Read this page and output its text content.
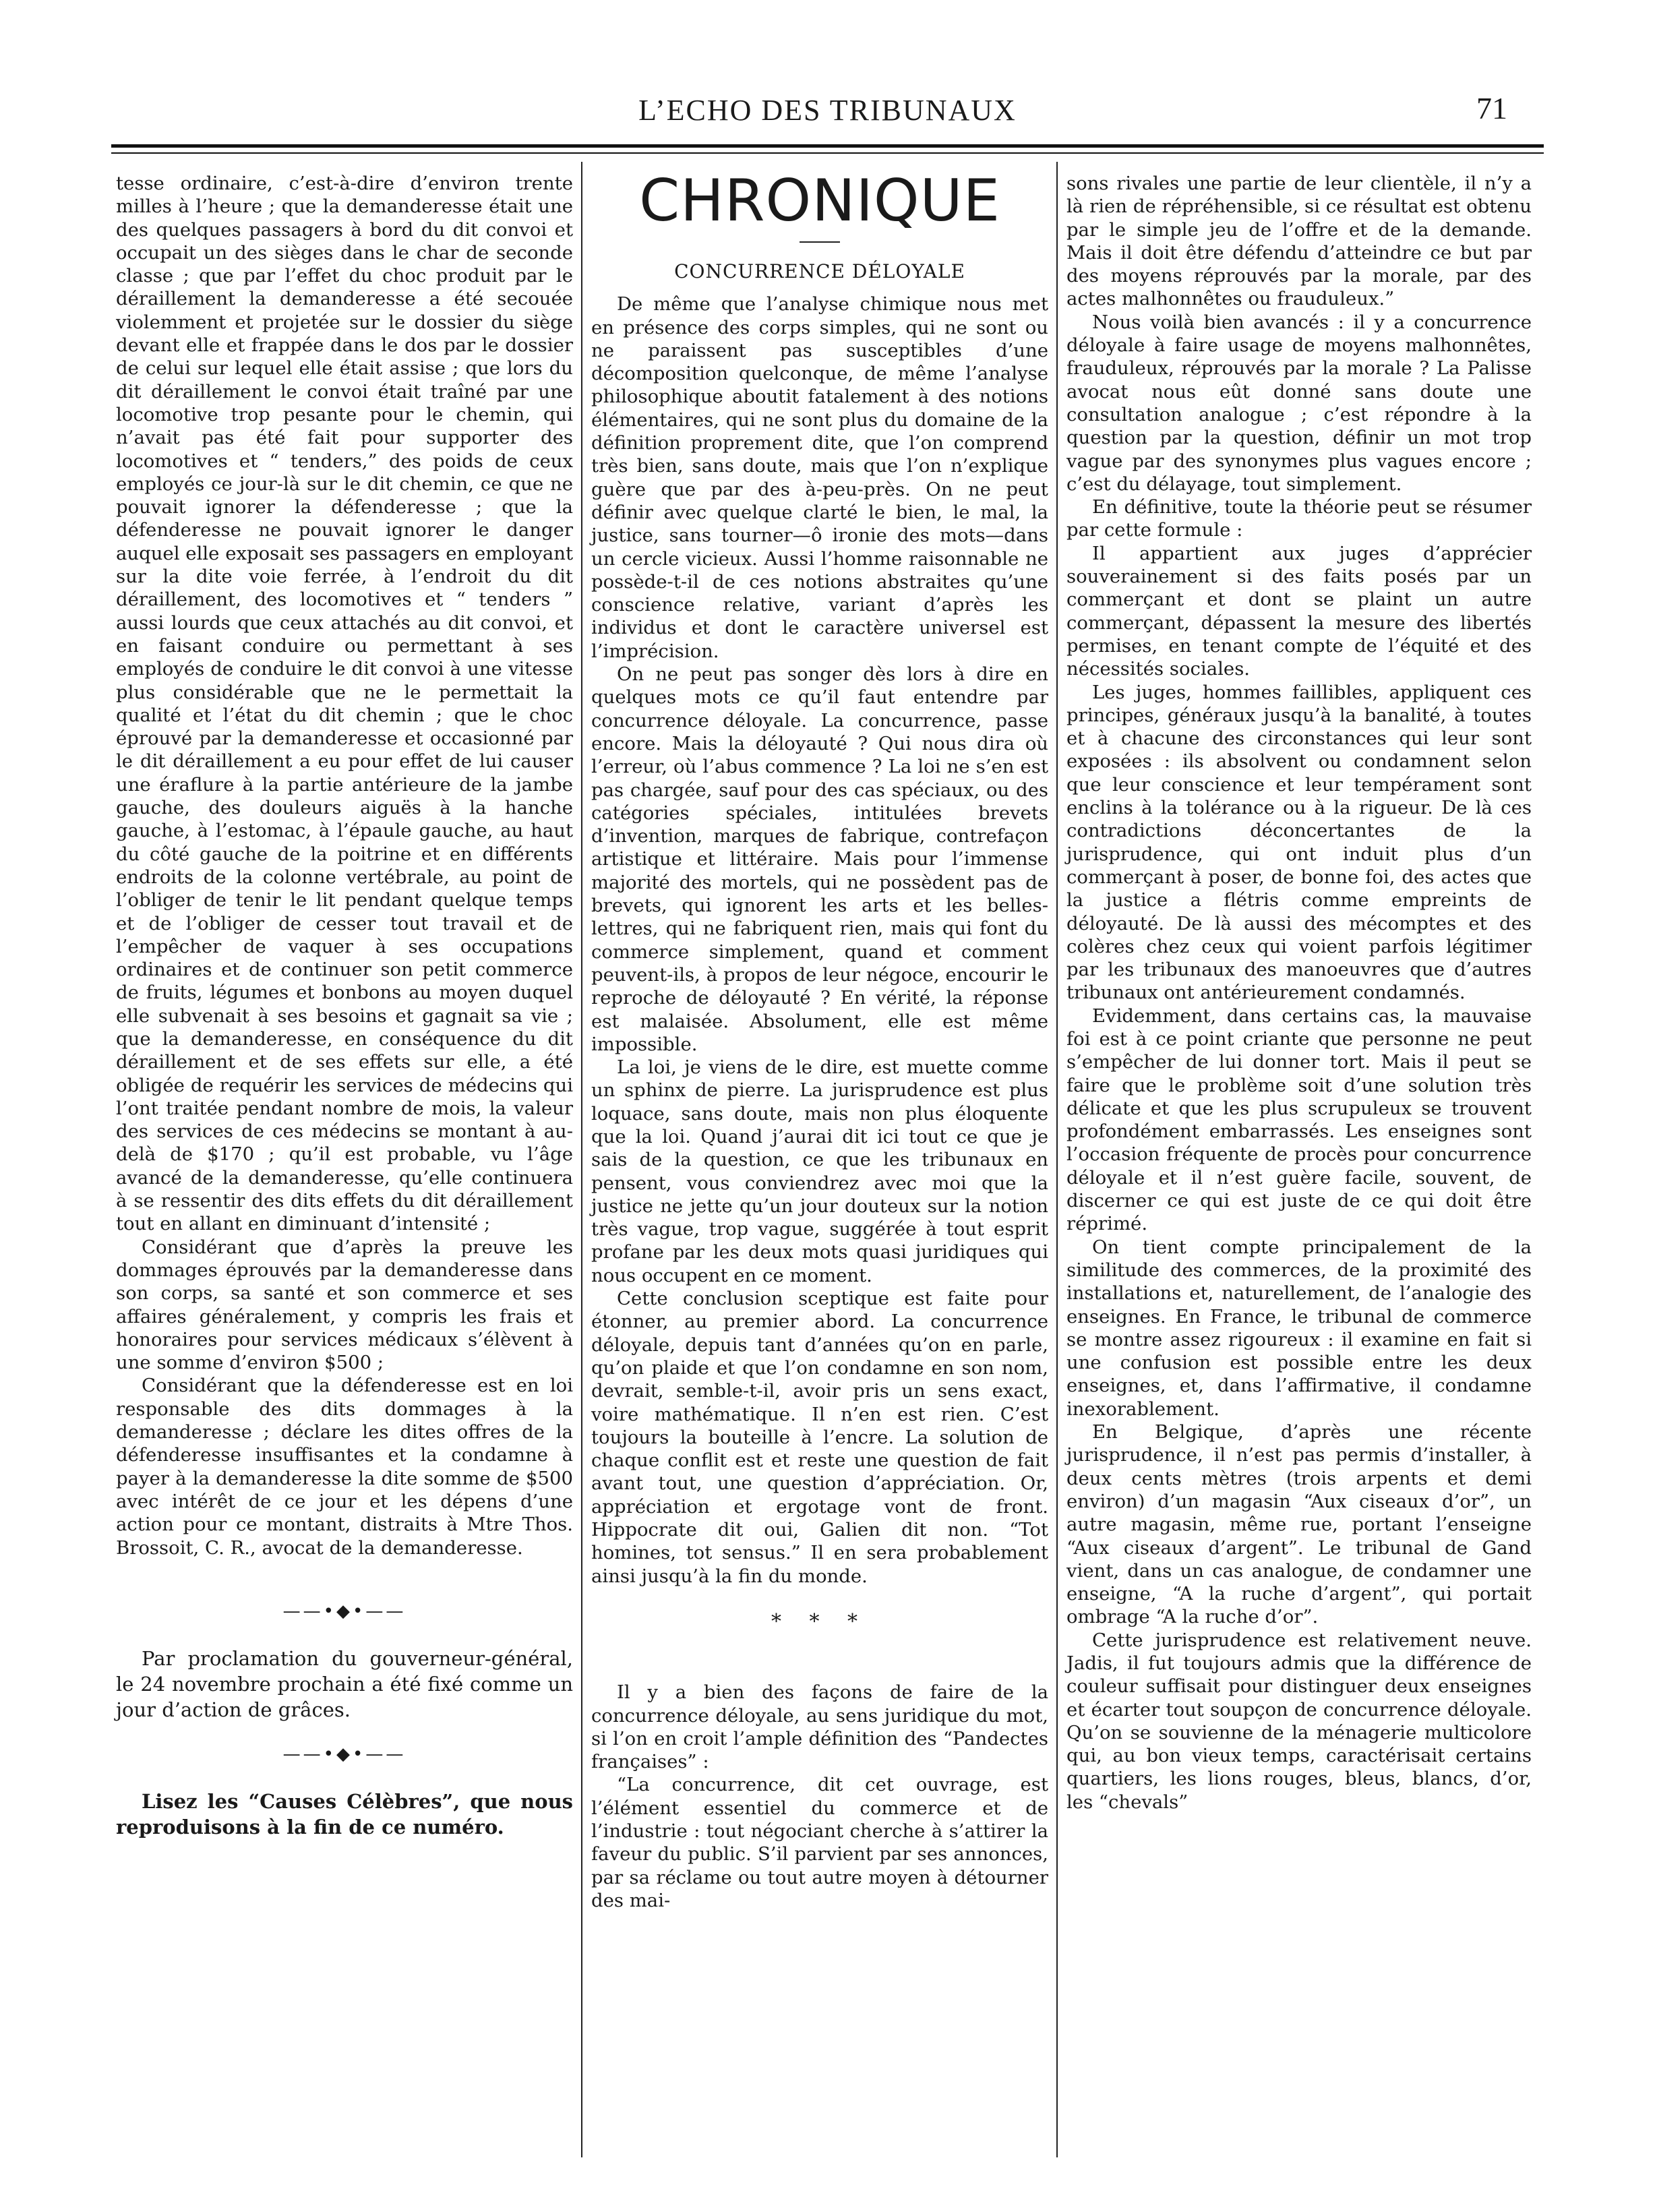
L’ECHO DES TRIBUNAUX	71

tesse ordinaire, c’est-à-dire d’environ trente milles à l’heure ; que la demanderesse était une des quelques passagers à bord du dit convoi et occupait un des sièges dans le char de seconde classe ; que par l’effet du choc produit par le déraillement la demanderesse a été secouée violemment et projetée sur le dossier du siège devant elle et frappée dans le dos par le dossier de celui sur lequel elle était assise ; que lors du dit déraillement le convoi était traîné par une locomotive trop pesante pour le chemin, qui n’avait pas été fait pour supporter des locomotives et “ tenders,” des poids de ceux employés ce jour-là sur le dit chemin, ce que ne pouvait ignorer la défenderesse ; que la défenderesse ne pouvait ignorer le danger auquel elle exposait ses passagers en employant sur la dite voie ferrée, à l’endroit du dit déraillement, des locomotives et “ tenders ” aussi lourds que ceux attachés au dit convoi, et en faisant conduire ou permettant à ses employés de conduire le dit convoi à une vitesse plus considérable que ne le permettait la qualité et l’état du dit chemin ; que le choc éprouvé par la demanderesse et occasionné par le dit déraillement a eu pour effet de lui causer une éraflure à la partie antérieure de la jambe gauche, des douleurs aiguës à la hanche gauche, à l’estomac, à l’épaule gauche, au haut du côté gauche de la poitrine et en différents endroits de la colonne vertébrale, au point de l’obliger de tenir le lit pendant quelque temps et de l’obliger de cesser tout travail et de l’empêcher de vaquer à ses occupations ordinaires et de continuer son petit commerce de fruits, légumes et bonbons au moyen duquel elle subvenait à ses besoins et gagnait sa vie ; que la demanderesse, en conséquence du dit déraillement et de ses effets sur elle, a été obligée de requérir les services de médecins qui l’ont traitée pendant nombre de mois, la valeur des services de ces médecins se montant à au-delà de $170 ; qu’il est probable, vu l’âge avancé de la demanderesse, qu’elle continuera à se ressentir des dits effets du dit déraillement tout en allant en diminuant d’intensité ;

Considérant que d’après la preuve les dommages éprouvés par la demanderesse dans son corps, sa santé et son commerce et ses affaires généralement, y compris les frais et honoraires pour services médicaux s’élèvent à une somme d’environ $500 ;

Considérant que la défenderesse est en loi responsable des dits dommages à la demanderesse ; déclare les dites offres de la défenderesse insuffisantes et la condamne à payer à la demanderesse la dite somme de $500 avec intérêt de ce jour et les dépens d’une action pour ce montant, distraits à Mtre Thos. Brossoit, C. R., avocat de la demanderesse.

——•◆•——

Par proclamation du gouverneur-général, le 24 novembre prochain a été fixé comme un jour d’action de grâces.

——•◆•——

Lisez les “Causes Célèbres”, que nous reproduisons à la fin de ce numéro.

CHRONIQUE
CONCURRENCE DÉLOYALE

De même que l’analyse chimique nous met en présence des corps simples, qui ne sont ou ne paraissent pas susceptibles d’une décomposition quelconque, de même l’analyse philosophique aboutit fatalement à des notions élémentaires, qui ne sont plus du domaine de la définition proprement dite, que l’on comprend très bien, sans doute, mais que l’on n’explique guère que par des à-peu-près. On ne peut définir avec quelque clarté le bien, le mal, la justice, sans tourner—ô ironie des mots—dans un cercle vicieux. Aussi l’homme raisonnable ne possède-t-il de ces notions abstraites qu’une conscience relative, variant d’après les individus et dont le caractère universel est l’imprécision.

On ne peut pas songer dès lors à dire en quelques mots ce qu’il faut entendre par concurrence déloyale. La concurrence, passe encore. Mais la déloyauté ? Qui nous dira où l’erreur, où l’abus commence ? La loi ne s’en est pas chargée, sauf pour des cas spéciaux, ou des catégories spéciales, intitulées brevets d’invention, marques de fabrique, contrefaçon artistique et littéraire. Mais pour l’immense majorité des mortels, qui ne possèdent pas de brevets, qui ignorent les arts et les belles-lettres, qui ne fabriquent rien, mais qui font du commerce simplement, quand et comment peuvent-ils, à propos de leur négoce, encourir le reproche de déloyauté ? En vérité, la réponse est malaisée. Absolument, elle est même impossible.

La loi, je viens de le dire, est muette comme un sphinx de pierre. La jurisprudence est plus loquace, sans doute, mais non plus éloquente que la loi. Quand j’aurai dit ici tout ce que je sais de la question, ce que les tribunaux en pensent, vous conviendrez avec moi que la justice ne jette qu’un jour douteux sur la notion très vague, trop vague, suggérée à tout esprit profane par les deux mots quasi juridiques qui nous occupent en ce moment.

Cette conclusion sceptique est faite pour étonner, au premier abord. La concurrence déloyale, depuis tant d’années qu’on en parle, qu’on plaide et que l’on condamne en son nom, devrait, semble-t-il, avoir pris un sens exact, voire mathématique. Il n’en est rien. C’est toujours la bouteille à l’encre. La solution de chaque conflit est et reste une question de fait avant tout, une question d’appréciation. Or, appréciation et ergotage vont de front. Hippocrate dit oui, Galien dit non. “Tot homines, tot sensus.” Il en sera probablement ainsi jusqu’à la fin du monde.

* * *

Il y a bien des façons de faire de la concurrence déloyale, au sens juridique du mot, si l’on en croit l’ample définition des “Pandectes françaises” :

“La concurrence, dit cet ouvrage, est l’élément essentiel du commerce et de l’industrie : tout négociant cherche à s’attirer la faveur du public. S’il parvient par ses annonces, par sa réclame ou tout autre moyen à détourner des mai-

sons rivales une partie de leur clientèle, il n’y a là rien de répréhensible, si ce résultat est obtenu par le simple jeu de l’offre et de la demande. Mais il doit être défendu d’atteindre ce but par des moyens réprouvés par la morale, par des actes malhonnêtes ou frauduleux.”

Nous voilà bien avancés : il y a concurrence déloyale à faire usage de moyens malhonnêtes, frauduleux, réprouvés par la morale ? La Palisse avocat nous eût donné sans doute une consultation analogue ; c’est répondre à la question par la question, définir un mot trop vague par des synonymes plus vagues encore ; c’est du délayage, tout simplement.

En définitive, toute la théorie peut se résumer par cette formule :

Il appartient aux juges d’apprécier souverainement si des faits posés par un commerçant et dont se plaint un autre commerçant, dépassent la mesure des libertés permises, en tenant compte de l’équité et des nécessités sociales.

Les juges, hommes faillibles, appliquent ces principes, généraux jusqu’à la banalité, à toutes et à chacune des circonstances qui leur sont exposées : ils absolvent ou condamnent selon que leur conscience et leur tempérament sont enclins à la tolérance ou à la rigueur. De là ces contradictions déconcertantes de la jurisprudence, qui ont induit plus d’un commerçant à poser, de bonne foi, des actes que la justice a flétris comme empreints de déloyauté. De là aussi des mécomptes et des colères chez ceux qui voient parfois légitimer par les tribunaux des manoeuvres que d’autres tribunaux ont antérieurement condamnés.

Evidemment, dans certains cas, la mauvaise foi est à ce point criante que personne ne peut s’empêcher de lui donner tort. Mais il peut se faire que le problème soit d’une solution très délicate et que les plus scrupuleux se trouvent profondément embarrassés. Les enseignes sont l’occasion fréquente de procès pour concurrence déloyale et il n’est guère facile, souvent, de discerner ce qui est juste de ce qui doit être réprimé.

On tient compte principalement de la similitude des commerces, de la proximité des installations et, naturellement, de l’analogie des enseignes. En France, le tribunal de commerce se montre assez rigoureux : il examine en fait si une confusion est possible entre les deux enseignes, et, dans l’affirmative, il condamne inexorablement.

En Belgique, d’après une récente jurisprudence, il n’est pas permis d’installer, à deux cents mètres (trois arpents et demi environ) d’un magasin “Aux ciseaux d’or”, un autre magasin, même rue, portant l’enseigne “Aux ciseaux d’argent”. Le tribunal de Gand vient, dans un cas analogue, de condamner une enseigne, “A la ruche d’argent”, qui portait ombrage “A la ruche d’or”.

Cette jurisprudence est relativement neuve. Jadis, il fut toujours admis que la différence de couleur suffisait pour distinguer deux enseignes et écarter tout soupçon de concurrence déloyale. Qu’on se souvienne de la ménagerie multicolore qui, au bon vieux temps, caractérisait certains quartiers, les lions rouges, bleus, blancs, d’or, les “chevals”
